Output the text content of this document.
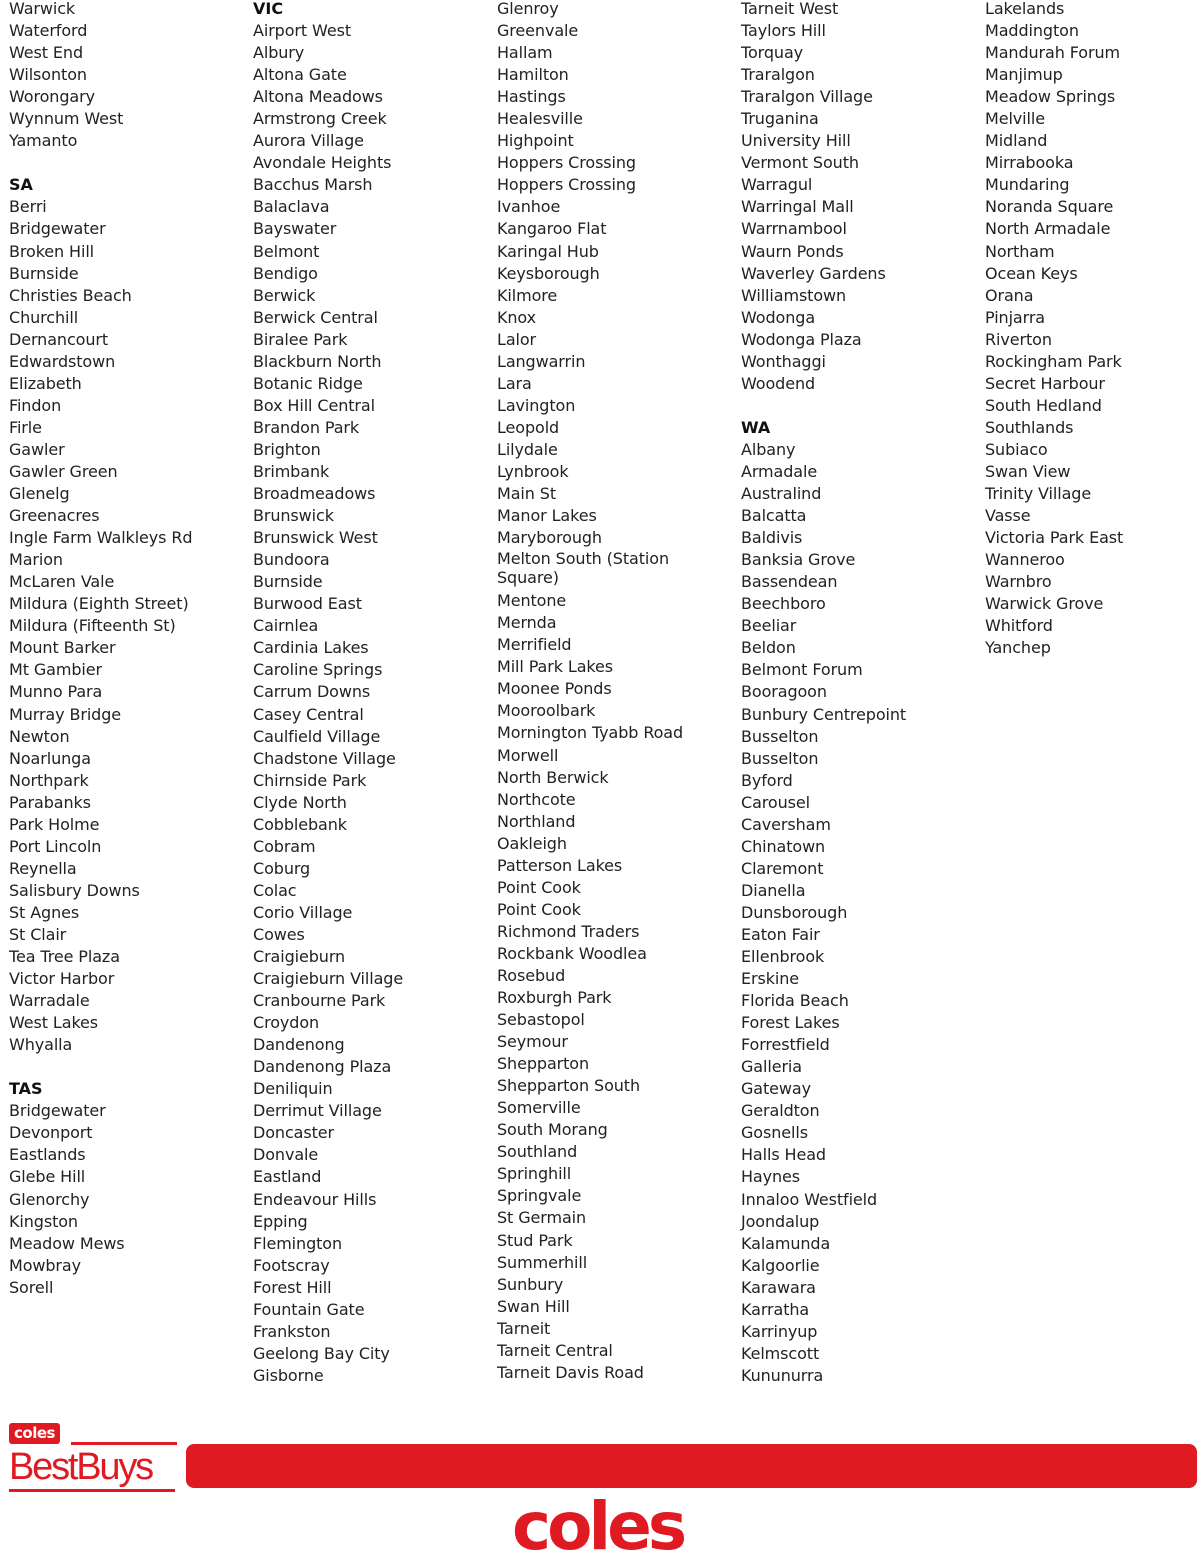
Warwick
Waterford
West End
Wilsonton
Worongary
Wynnum West
Yamanto
SA
Berri
Bridgewater
Broken Hill
Burnside
Christies Beach
Churchill
Dernancourt
Edwardstown
Elizabeth
Findon
Firle
Gawler
Gawler Green
Glenelg
Greenacres
Ingle Farm Walkleys Rd
Marion
McLaren Vale
Mildura (Eighth Street)
Mildura (Fifteenth St)
Mount Barker
Mt Gambier
Munno Para
Murray Bridge
Newton
Noarlunga
Northpark
Parabanks
Park Holme
Port Lincoln
Reynella
Salisbury Downs
St Agnes
St Clair
Tea Tree Plaza
Victor Harbor
Warradale
West Lakes
Whyalla
TAS
Bridgewater
Devonport
Eastlands
Glebe Hill
Glenorchy
Kingston
Meadow Mews
Mowbray
Sorell
VIC
Airport West
Albury
Altona Gate
Altona Meadows
Armstrong Creek
Aurora Village
Avondale Heights
Bacchus Marsh
Balaclava
Bayswater
Belmont
Bendigo
Berwick
Berwick Central
Biralee Park
Blackburn North
Botanic Ridge
Box Hill Central
Brandon Park
Brighton
Brimbank
Broadmeadows
Brunswick
Brunswick West
Bundoora
Burnside
Burwood East
Cairnlea
Cardinia Lakes
Caroline Springs
Carrum Downs
Casey Central
Caulfield Village
Chadstone Village
Chirnside Park
Clyde North
Cobblebank
Cobram
Coburg
Colac
Corio Village
Cowes
Craigieburn
Craigieburn Village
Cranbourne Park
Croydon
Dandenong
Dandenong Plaza
Deniliquin
Derrimut Village
Doncaster
Donvale
Eastland
Endeavour Hills
Epping
Flemington
Footscray
Forest Hill
Fountain Gate
Frankston
Geelong Bay City
Gisborne
Glenroy
Greenvale
Hallam
Hamilton
Hastings
Healesville
Highpoint
Hoppers Crossing
Hoppers Crossing
Ivanhoe
Kangaroo Flat
Karingal Hub
Keysborough
Kilmore
Knox
Lalor
Langwarrin
Lara
Lavington
Leopold
Lilydale
Lynbrook
Main St
Manor Lakes
Maryborough
Melton South (Station Square)
Mentone
Mernda
Merrifield
Mill Park Lakes
Moonee Ponds
Mooroolbark
Mornington Tyabb Road
Morwell
North Berwick
Northcote
Northland
Oakleigh
Patterson Lakes
Point Cook
Point Cook
Richmond Traders
Rockbank Woodlea
Rosebud
Roxburgh Park
Sebastopol
Seymour
Shepparton
Shepparton South
Somerville
South Morang
Southland
Springhill
Springvale
St Germain
Stud Park
Summerhill
Sunbury
Swan Hill
Tarneit
Tarneit Central
Tarneit Davis Road
Tarneit West
Taylors Hill
Torquay
Traralgon
Traralgon Village
Truganina
University Hill
Vermont South
Warragul
Warringal Mall
Warrnambool
Waurn Ponds
Waverley Gardens
Williamstown
Wodonga
Wodonga Plaza
Wonthaggi
Woodend
WA
Albany
Armadale
Australind
Balcatta
Baldivis
Banksia Grove
Bassendean
Beechboro
Beeliar
Beldon
Belmont Forum
Booragoon
Bunbury Centrepoint
Busselton
Busselton
Byford
Carousel
Caversham
Chinatown
Claremont
Dianella
Dunsborough
Eaton Fair
Ellenbrook
Erskine
Florida Beach
Forest Lakes
Forrestfield
Galleria
Gateway
Geraldton
Gosnells
Halls Head
Haynes
Innaloo Westfield
Joondalup
Kalamunda
Kalgoorlie
Karawara
Karratha
Karrinyup
Kelmscott
Kununurra
Lakelands
Maddington
Mandurah Forum
Manjimup
Meadow Springs
Melville
Midland
Mirrabooka
Mundaring
Noranda Square
North Armadale
Northam
Ocean Keys
Orana
Pinjarra
Riverton
Rockingham Park
Secret Harbour
South Hedland
Southlands
Subiaco
Swan View
Trinity Village
Vasse
Victoria Park East
Wanneroo
Warnbro
Warwick Grove
Whitford
Yanchep
coles
BestBuys
coles
